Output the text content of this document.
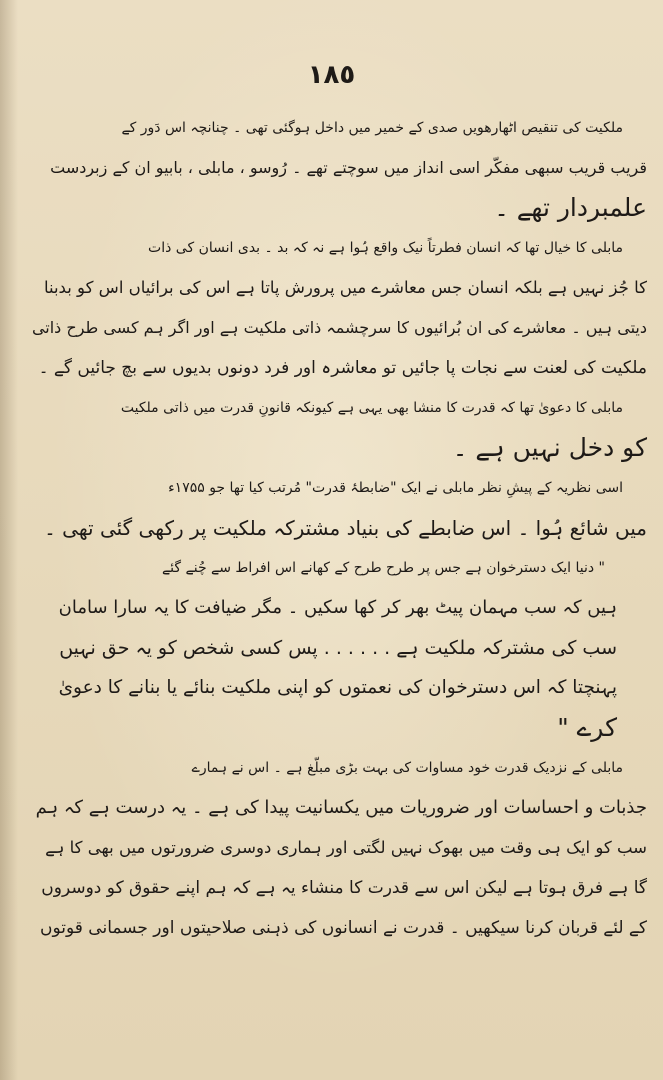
١٨٥
ملکیت کی تنقیص اٹھارھویں صدی کے خمیر میں داخل ہوگئی تھی ۔ چنانچہ اس دَور کے
قریب قریب سبھی مفکّر اسی انداز میں سوچتے تھے ۔ رُوسو ، مابلی ، بابیو ان کے زبردست
علمبردار تھے ۔
مابلی کا خیال تھا کہ انسان فطرتاً نیک واقع ہُوا ہے نہ کہ بد ۔ بدی انسان کی ذات
کا جُز نہیں ہے بلکہ انسان جس معاشرے میں پرورش پاتا ہے اس کی برائیاں اس کو بدبنا
دیتی ہیں ۔ معاشرے کی ان بُرائیوں کا سرچشمہ ذاتی ملکیت ہے اور اگر ہم کسی طرح ذاتی
ملکیت کی لعنت سے نجات پا جائیں تو معاشرہ اور فرد دونوں بدیوں سے بچ جائیں گے ۔
مابلی کا دعویٰ تھا کہ قدرت کا منشا بھی یہی ہے کیونکہ قانونِ قدرت میں ذاتی ملکیت
کو دخل نہیں ہے ۔
اسی نظریہ کے پیشِ نظر مابلی نے ایک "ضابطۂ قدرت" مُرتب کیا تھا جو ۱۷۵۵ء
میں شائع ہُوا ۔ اس ضابطے کی بنیاد مشترکہ ملکیت پر رکھی گئی تھی ۔
" دنیا ایک دسترخوان ہے جس پر طرح طرح کے کھانے اس افراط سے چُنے گئے
ہیں کہ سب مہمان پیٹ بھر کر کھا سکیں ۔ مگر ضیافت کا یہ سارا سامان
سب کی مشترکہ ملکیت ہے . . . . . . پس کسی شخص کو یہ حق نہیں
پہنچتا کہ اس دسترخوان کی نعمتوں کو اپنی ملکیت بنائے یا بنانے کا دعویٰ
کرے "
مابلی کے نزدیک قدرت خود مساوات کی بہت بڑی مبلّغ ہے ۔ اس نے ہمارے
جذبات و احساسات اور ضروریات میں یکسانیت پیدا کی ہے ۔ یہ درست ہے کہ ہم
سب کو ایک ہی وقت میں بھوک نہیں لگتی اور ہماری دوسری ضرورتوں میں بھی کا ہے
گا ہے فرق ہوتا ہے لیکن اس سے قدرت کا منشاء یہ ہے کہ ہم اپنے حقوق کو دوسروں
کے لئے قربان کرنا سیکھیں ۔ قدرت نے انسانوں کی ذہنی صلاحیتوں اور جسمانی قوتوں
